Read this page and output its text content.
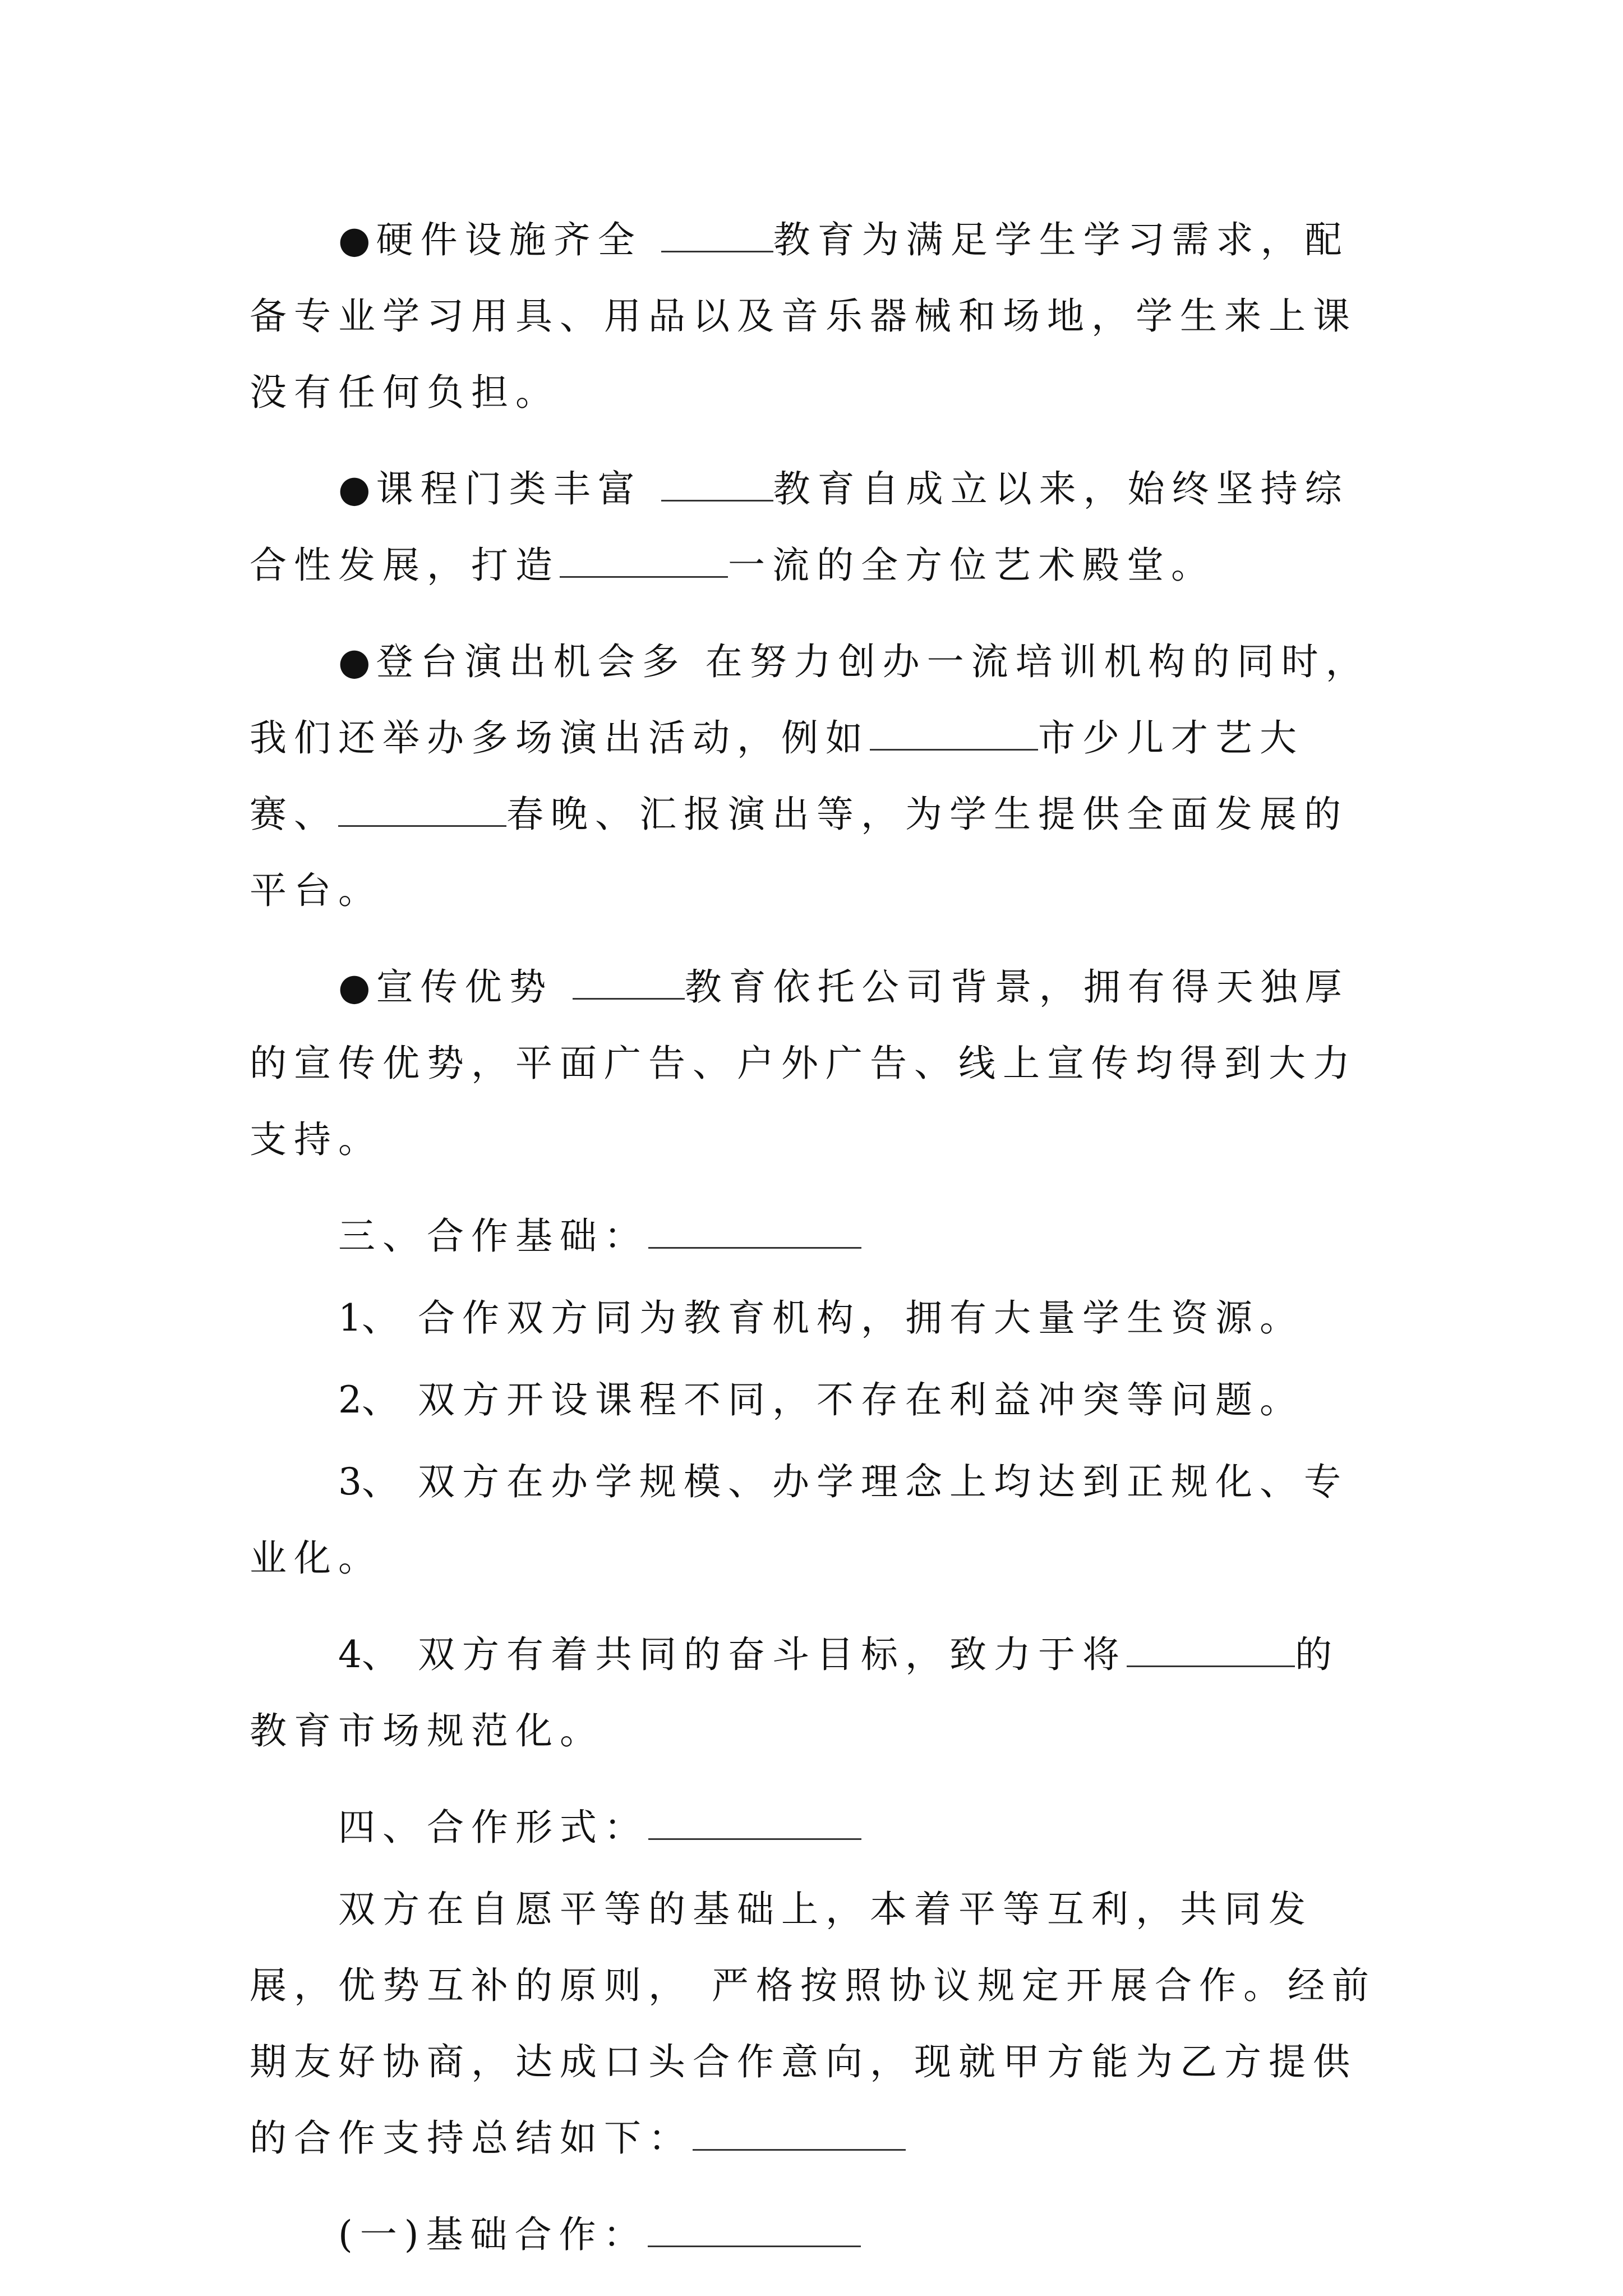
● 硬件设施齐全	教育为满足学生学习需求，配备专业学习用具、用品以及音乐器械和场地，学生来上课没有任何负担。

● 课程门类丰富	教育自成立以来，始终坚持综合性发展，打造	一流的全方位艺术殿堂。

● 登台演出机会多 在努力创办一流培训机构的同时，我们还举办多场演出活动，例如	市少儿才艺大赛、	春晚、汇报演出等，为学生提供全面发展的平台。

● 宣传优势	教育依托公司背景，拥有得天独厚的宣传优势，平面广告、户外广告、线上宣传均得到大力支持。

三、合作基础：

1、 合作双方同为教育机构，拥有大量学生资源。

2、 双方开设课程不同，不存在利益冲突等问题。

3、 双方在办学规模、办学理念上均达到正规化、专业化。

4、 双方有着共同的奋斗目标，致力于将	的教育市场规范化。

四、合作形式：

双方在自愿平等的基础上，本着平等互利，共同发展，优势互补的原则， 严格按照协议规定开展合作。经前期友好协商，达成口头合作意向，现就甲方能为乙方提供的合作支持总结如下：

(一)基础合作：
